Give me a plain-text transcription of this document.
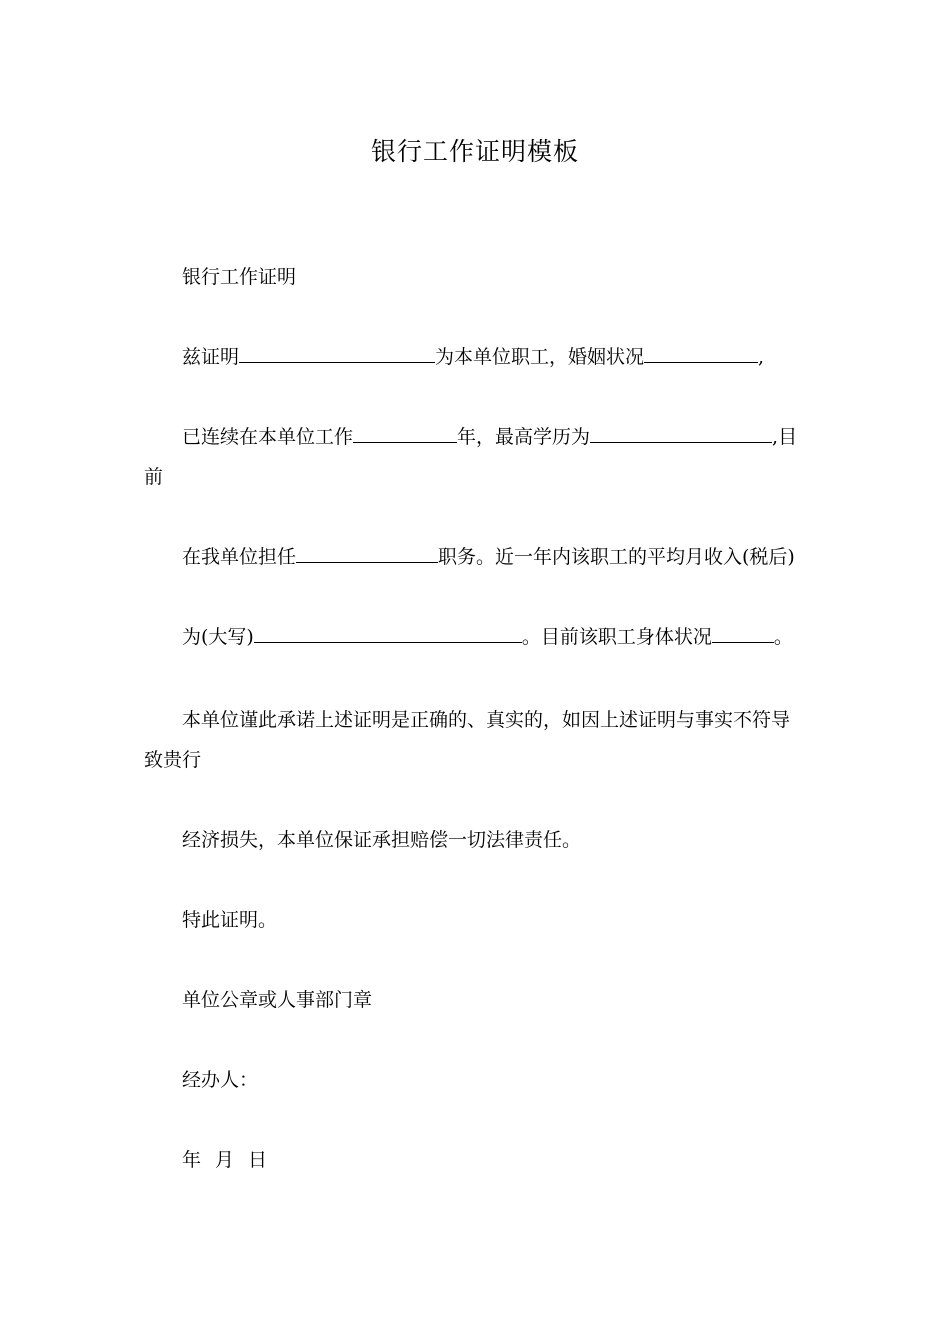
银行工作证明模板
银行工作证明
兹证明	为本单位职工，婚姻状况	,
已连续在本单位工作	年，最高学历为	,目
前
在我单位担任	职务。近一年内该职工的平均月收入(税后)
为(大写)	。目前该职工身体状况	。
本单位谨此承诺上述证明是正确的、真实的，如因上述证明与事实不符导
致贵行
经济损失，本单位保证承担赔偿一切法律责任。
特此证明。
单位公章或人事部门章
经办人：
年 月 日
